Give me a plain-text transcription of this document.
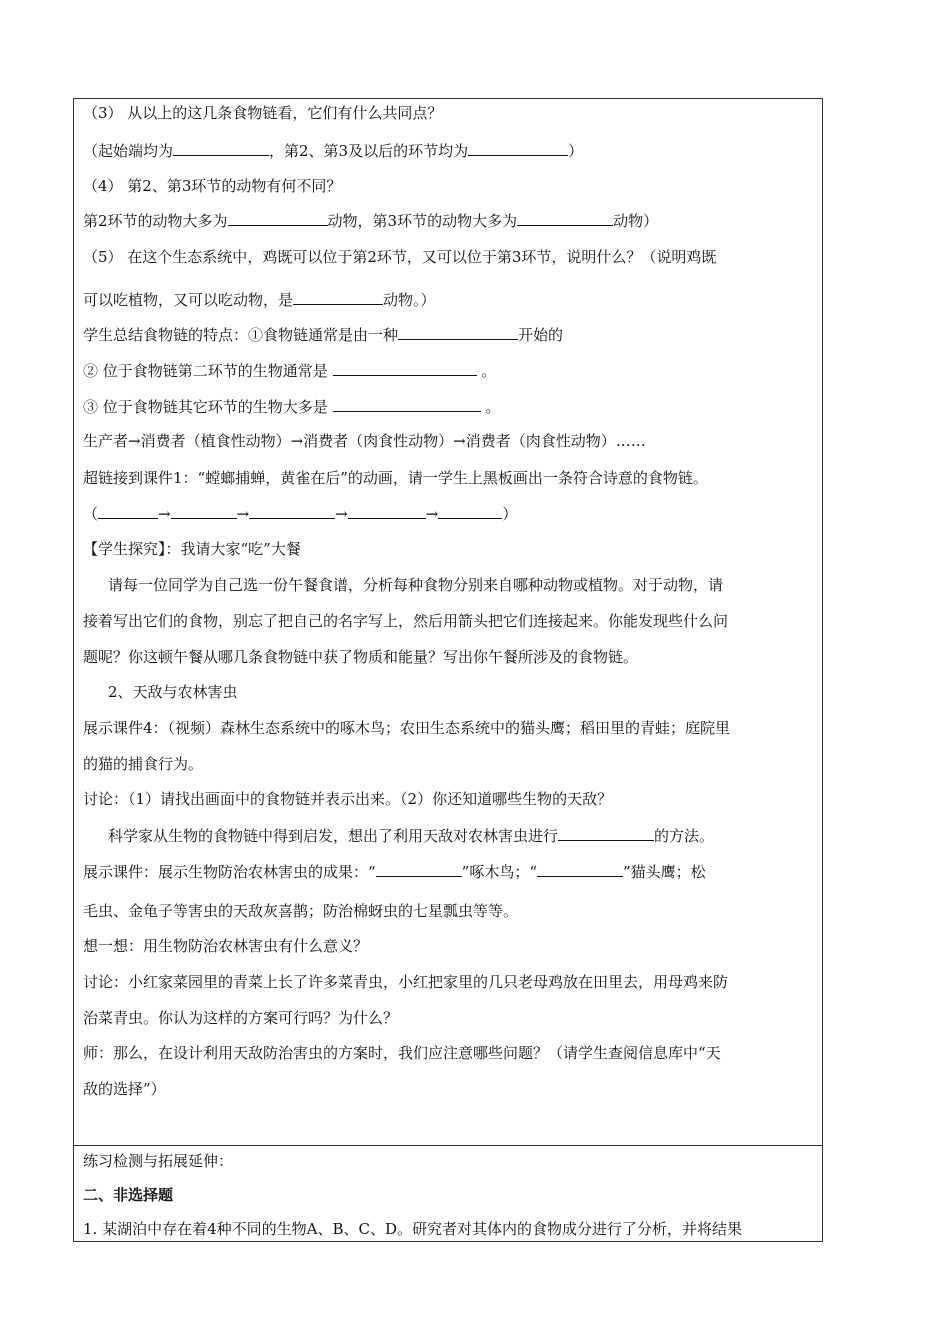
（3） 从以上的这几条食物链看，它们有什么共同点？
（起始端均为	，第2、第3及以后的环节均为	）
（4） 第2、第3环节的动物有何不同？
第2环节的动物大多为	动物，第3环节的动物大多为	动物）
（5） 在这个生态系统中，鸡既可以位于第2环节，又可以位于第3环节，说明什么？（说明鸡既
可以吃植物，又可以吃动物，是	动物。）
学生总结食物链的特点：①食物链通常是由一种	开始的
② 位于食物链第二环节的生物通常是	。
③ 位于食物链其它环节的生物大多是	。
生产者→消费者（植食性动物）→消费者（肉食性动物）→消费者（肉食性动物）……
超链接到课件1：“螳螂捕蝉，黄雀在后”的动画，请一学生上黑板画出一条符合诗意的食物链。
（	→	→	→	→	）
【学生探究】：我请大家“吃”大餐
请每一位同学为自己选一份午餐食谱，分析每种食物分别来自哪种动物或植物。对于动物，请
接着写出它们的食物，别忘了把自己的名字写上，然后用箭头把它们连接起来。你能发现些什么问
题呢？你这顿午餐从哪几条食物链中获了物质和能量？写出你午餐所涉及的食物链。
2、天敌与农林害虫
展示课件4：（视频）森林生态系统中的啄木鸟；农田生态系统中的猫头鹰；稻田里的青蛙；庭院里
的猫的捕食行为。
讨论：（1）请找出画面中的食物链并表示出来。（2）你还知道哪些生物的天敌？
科学家从生物的食物链中得到启发，想出了利用天敌对农林害虫进行	的方法。
展示课件：展示生物防治农林害虫的成果：“	”啄木鸟；“	”猫头鹰；松
毛虫、金龟子等害虫的天敌灰喜鹊；防治棉蚜虫的七星瓢虫等等。
想一想：用生物防治农林害虫有什么意义？
讨论：小红家菜园里的青菜上长了许多菜青虫，小红把家里的几只老母鸡放在田里去，用母鸡来防
治菜青虫。你认为这样的方案可行吗？为什么？
师：那么，在设计利用天敌防治害虫的方案时，我们应注意哪些问题？（请学生查阅信息库中“天
敌的选择”）
练习检测与拓展延伸：
二、非选择题
1. 某湖泊中存在着4种不同的生物A、B、C、D。研究者对其体内的食物成分进行了分析，并将结果
